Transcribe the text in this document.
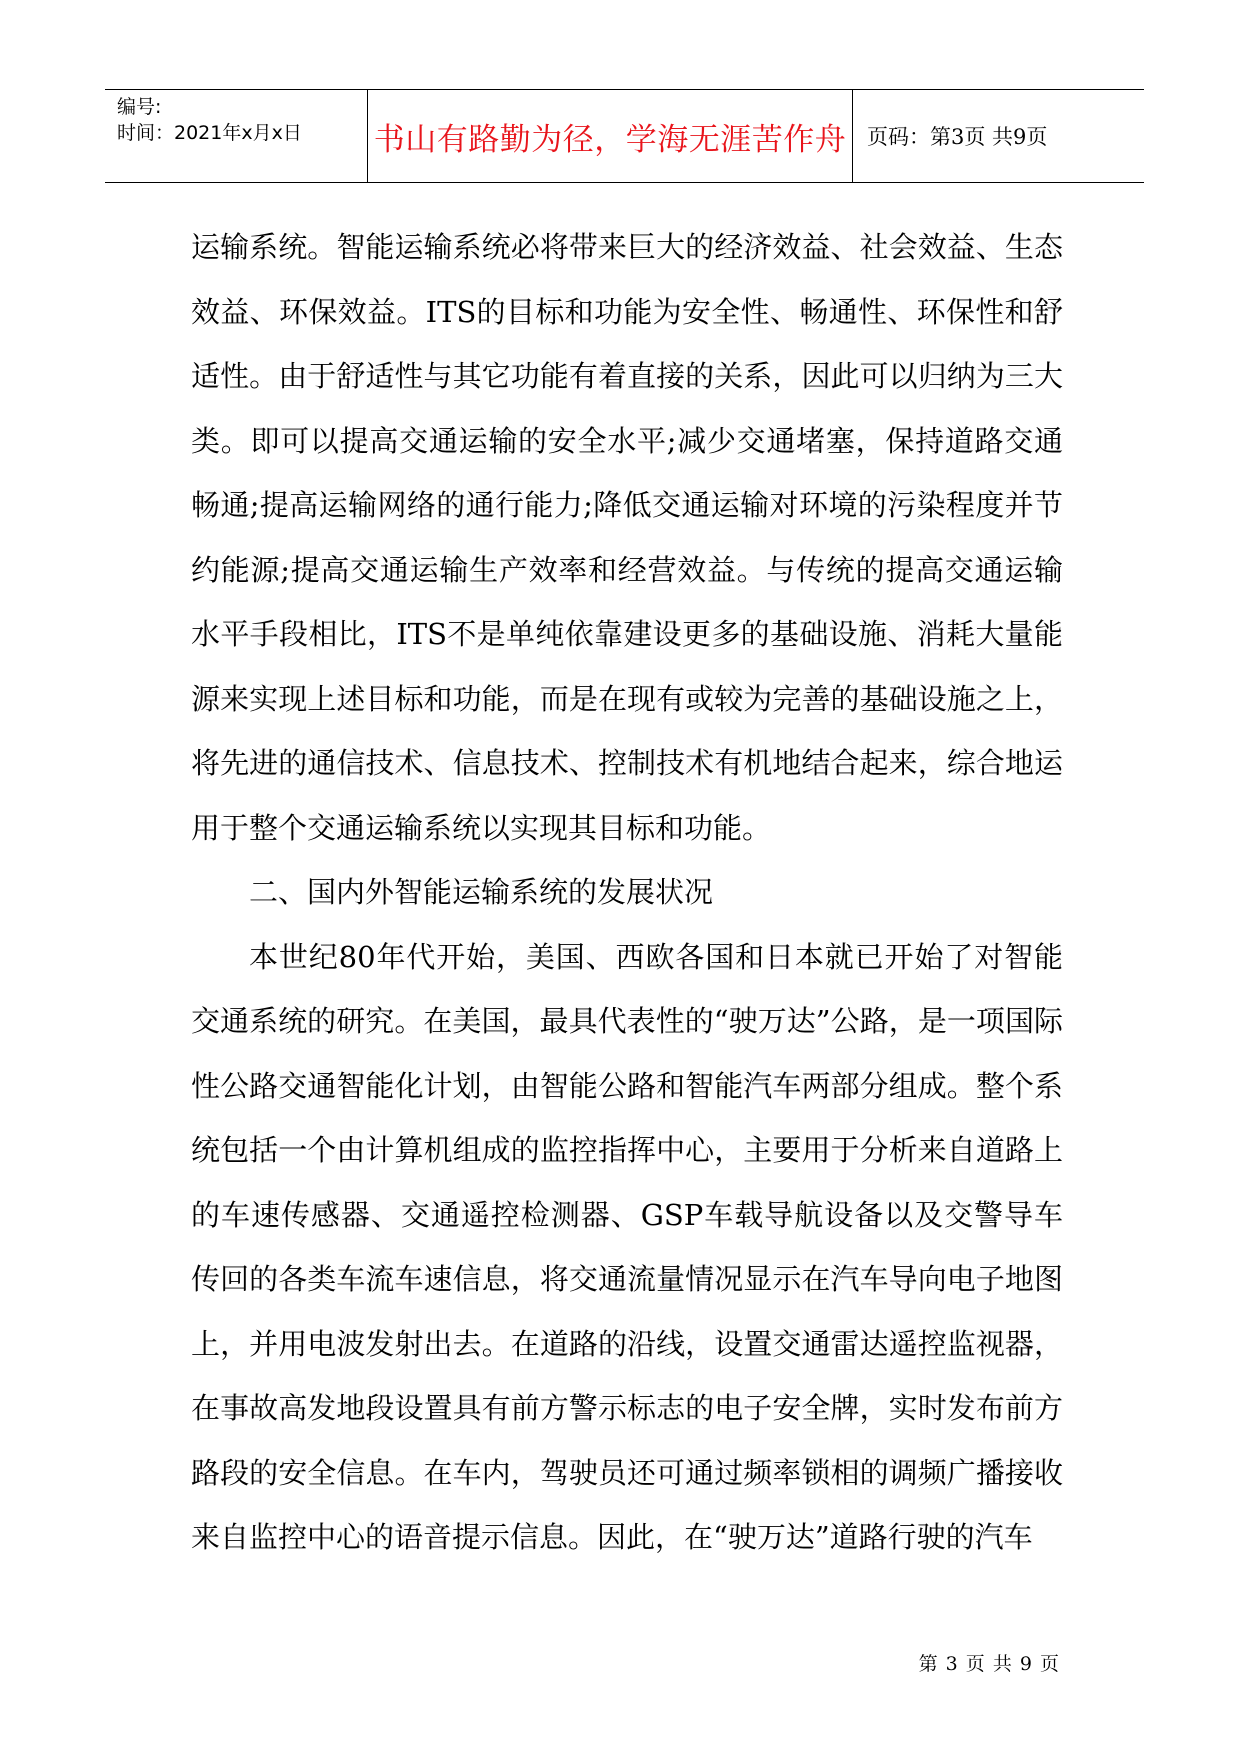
编号:
时间：2021年x月x日 书山有路勤为径，学海无涯苦作舟 页码：第3页 共9页

运输系统。智能运输系统必将带来巨大的经济效益、社会效益、生态效益、环保效益。ITS的目标和功能为安全性、畅通性、环保性和舒适性。由于舒适性与其它功能有着直接的关系，因此可以归纳为三大类。即可以提高交通运输的安全水平;减少交通堵塞，保持道路交通畅通;提高运输网络的通行能力;降低交通运输对环境的污染程度并节约能源;提高交通运输生产效率和经营效益。与传统的提高交通运输水平手段相比，ITS不是单纯依靠建设更多的基础设施、消耗大量能源来实现上述目标和功能，而是在现有或较为完善的基础设施之上，将先进的通信技术、信息技术、控制技术有机地结合起来，综合地运用于整个交通运输系统以实现其目标和功能。

二、国内外智能运输系统的发展状况

本世纪80年代开始，美国、西欧各国和日本就已开始了对智能交通系统的研究。在美国，最具代表性的“驶万达”公路，是一项国际性公路交通智能化计划，由智能公路和智能汽车两部分组成。整个系统包括一个由计算机组成的监控指挥中心，主要用于分析来自道路上的车速传感器、交通遥控检测器、GSP车载导航设备以及交警导车传回的各类车流车速信息，将交通流量情况显示在汽车导向电子地图上，并用电波发射出去。在道路的沿线，设置交通雷达遥控监视器，在事故高发地段设置具有前方警示标志的电子安全牌，实时发布前方路段的安全信息。在车内，驾驶员还可通过频率锁相的调频广播接收来自监控中心的语音提示信息。因此，在“驶万达”道路行驶的汽车

第 3 页 共 9 页
